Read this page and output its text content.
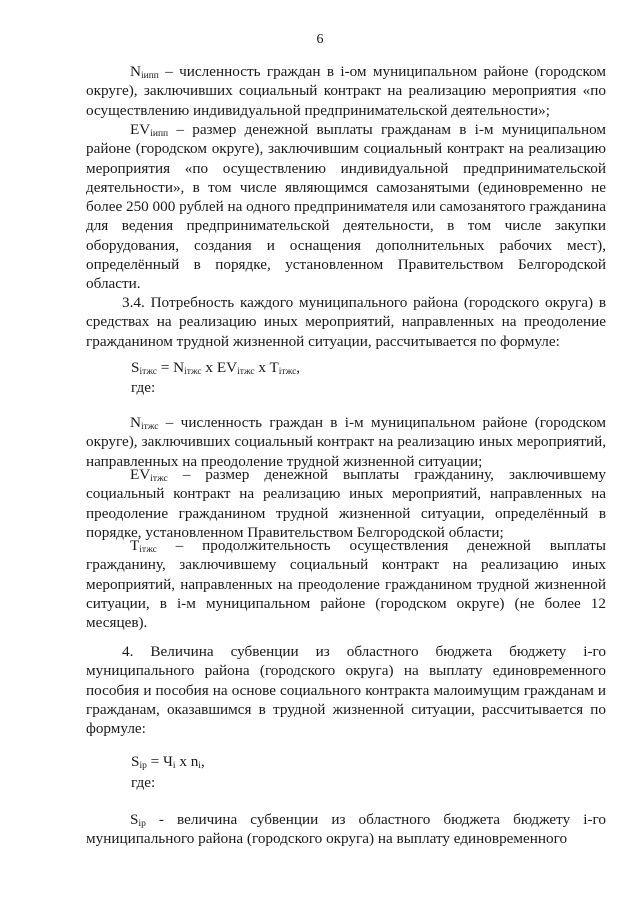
6

$N_{iипп}$ – численность граждан в i-ом муниципальном районе (городском округе), заключивших социальный контракт на реализацию мероприятия «по осуществлению индивидуальной предпринимательской деятельности»;

$EV_{iипп}$ – размер денежной выплаты гражданам в i-м муниципальном районе (городском округе), заключившим социальный контракт на реализацию мероприятия «по осуществлению индивидуальной предпринимательской деятельности», в том числе являющимся самозанятыми (единовременно не более 250 000 рублей на одного предпринимателя или самозанятого гражданина для ведения предпринимательской деятельности, в том числе закупки оборудования, создания и оснащения дополнительных рабочих мест), определённый в порядке, установленном Правительством Белгородской области.

3.4. Потребность каждого муниципального района (городского округа) в средствах на реализацию иных мероприятий, направленных на преодоление гражданином трудной жизненной ситуации, рассчитывается по формуле:

$S_{iтжс} = N_{iтжс}$ x $EV_{iтжс}$ x $T_{iтжс}$,
где:

$N_{iтжс}$ – численность граждан в i-м муниципальном районе (городском округе), заключивших социальный контракт на реализацию иных мероприятий, направленных на преодоление трудной жизненной ситуации;

$EV_{iтжс}$ – размер денежной выплаты гражданину, заключившему социальный контракт на реализацию иных мероприятий, направленных на преодоление гражданином трудной жизненной ситуации, определённый в порядке, установленном Правительством Белгородской области;

$T_{iтжс}$ – продолжительность осуществления денежной выплаты гражданину, заключившему социальный контракт на реализацию иных мероприятий, направленных на преодоление гражданином трудной жизненной ситуации, в i-м муниципальном районе (городском округе) (не более 12 месяцев).

4. Величина субвенции из областного бюджета бюджету i-го муниципального района (городского округа) на выплату единовременного пособия и пособия на основе социального контракта малоимущим гражданам и гражданам, оказавшимся в трудной жизненной ситуации, рассчитывается по формуле:

$S_{ip} = Ч_i$ x $n_i$,
где:

$S_{ip}$ - величина субвенции из областного бюджета бюджету i-го муниципального района (городского округа) на выплату единовременного
